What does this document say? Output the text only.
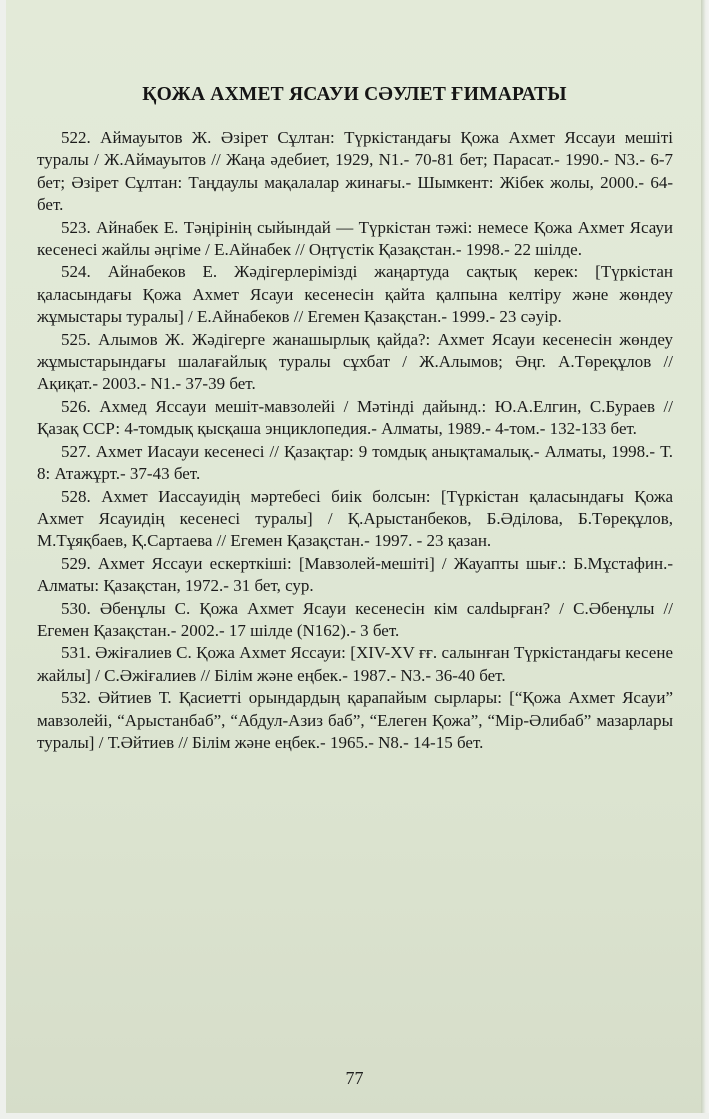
ҚОЖА АХМЕТ ЯСАУИ СӘУЛЕТ ҒИМАРАТЫ

522. Аймауытов Ж. Әзірет Сұлтан: Түркістандағы Қожа Ахмет Яссауи мешіті туралы / Ж.Аймауытов // Жаңа әдебиет, 1929, N1.- 70-81 бет; Парасат.- 1990.- N3.- 6-7 бет; Әзірет Сұлтан: Таңдаулы мақалалар жинағы.- Шымкент: Жібек жолы, 2000.- 64-бет.

523. Айнабек Е. Тәңірінің сыйындай — Түркістан тәжі: немесе Қожа Ахмет Ясауи кесенесі жайлы әңгіме / Е.Айнабек // Оңтүстік Қазақстан.- 1998.- 22 шілде.

524. Айнабеков Е. Жәдігерлерімізді жаңартуда сақтық керек: [Түркістан қаласындағы Қожа Ахмет Ясауи кесенесін қайта қалпына келтіру және жөндеу жұмыстары туралы] / Е.Айнабеков // Егемен Қазақстан.- 1999.- 23 сәуір.

525. Алымов Ж. Жәдігерге жанашырлық қайда?: Ахмет Ясауи кесенесін жөндеу жұмыстарындағы шалағайлық туралы сұхбат / Ж.Алымов; Әңг. А.Төреқұлов // Ақиқат.- 2003.- N1.- 37-39 бет.

526. Ахмед Яссауи мешіт-мавзолейі / Мәтінді дайынд.: Ю.А.Елгин, С.Бураев // Қазақ ССР: 4-томдық қысқаша энциклопедия.- Алматы, 1989.- 4-том.- 132-133 бет.

527. Ахмет Иасауи кесенесі // Қазақтар: 9 томдық анықтамалық.- Алматы, 1998.- Т. 8: Атажұрт.- 37-43 бет.

528. Ахмет Иассауидің мәртебесі биік болсын: [Түркістан қаласындағы Қожа Ахмет Ясауидің кесенесі туралы] / Қ.Арыстанбеков, Б.Әділова, Б.Төреқұлов, М.Тұяқбаев, Қ.Сартаева // Егемен Қазақстан.- 1997. - 23 қазан.

529. Ахмет Яссауи ескерткіші: [Мавзолей-мешіті] / Жауапты шығ.: Б.Мұстафин.- Алматы: Қазақстан, 1972.- 31 бет, сур.

530. Әбенұлы С. Қожа Ахмет Ясауи кесенесін кім салdырған? / С.Әбенұлы // Егемен Қазақстан.- 2002.- 17 шілде (N162).- 3 бет.

531. Әжіғалиев С. Қожа Ахмет Яссауи: [XIV-XV ғғ. салынған Түркістандағы кесене жайлы] / С.Әжіғалиев // Білім және еңбек.- 1987.- N3.- 36-40 бет.

532. Әйтиев Т. Қасиетті орындардың қарапайым сырлары: [“Қожа Ахмет Ясауи” мавзолейі, “Арыстанбаб”, “Абдул-Азиз баб”, “Елеген Қожа”, “Мір-Әлибаб” мазарлары туралы] / Т.Әйтиев // Білім және еңбек.- 1965.- N8.- 14-15 бет.

77
